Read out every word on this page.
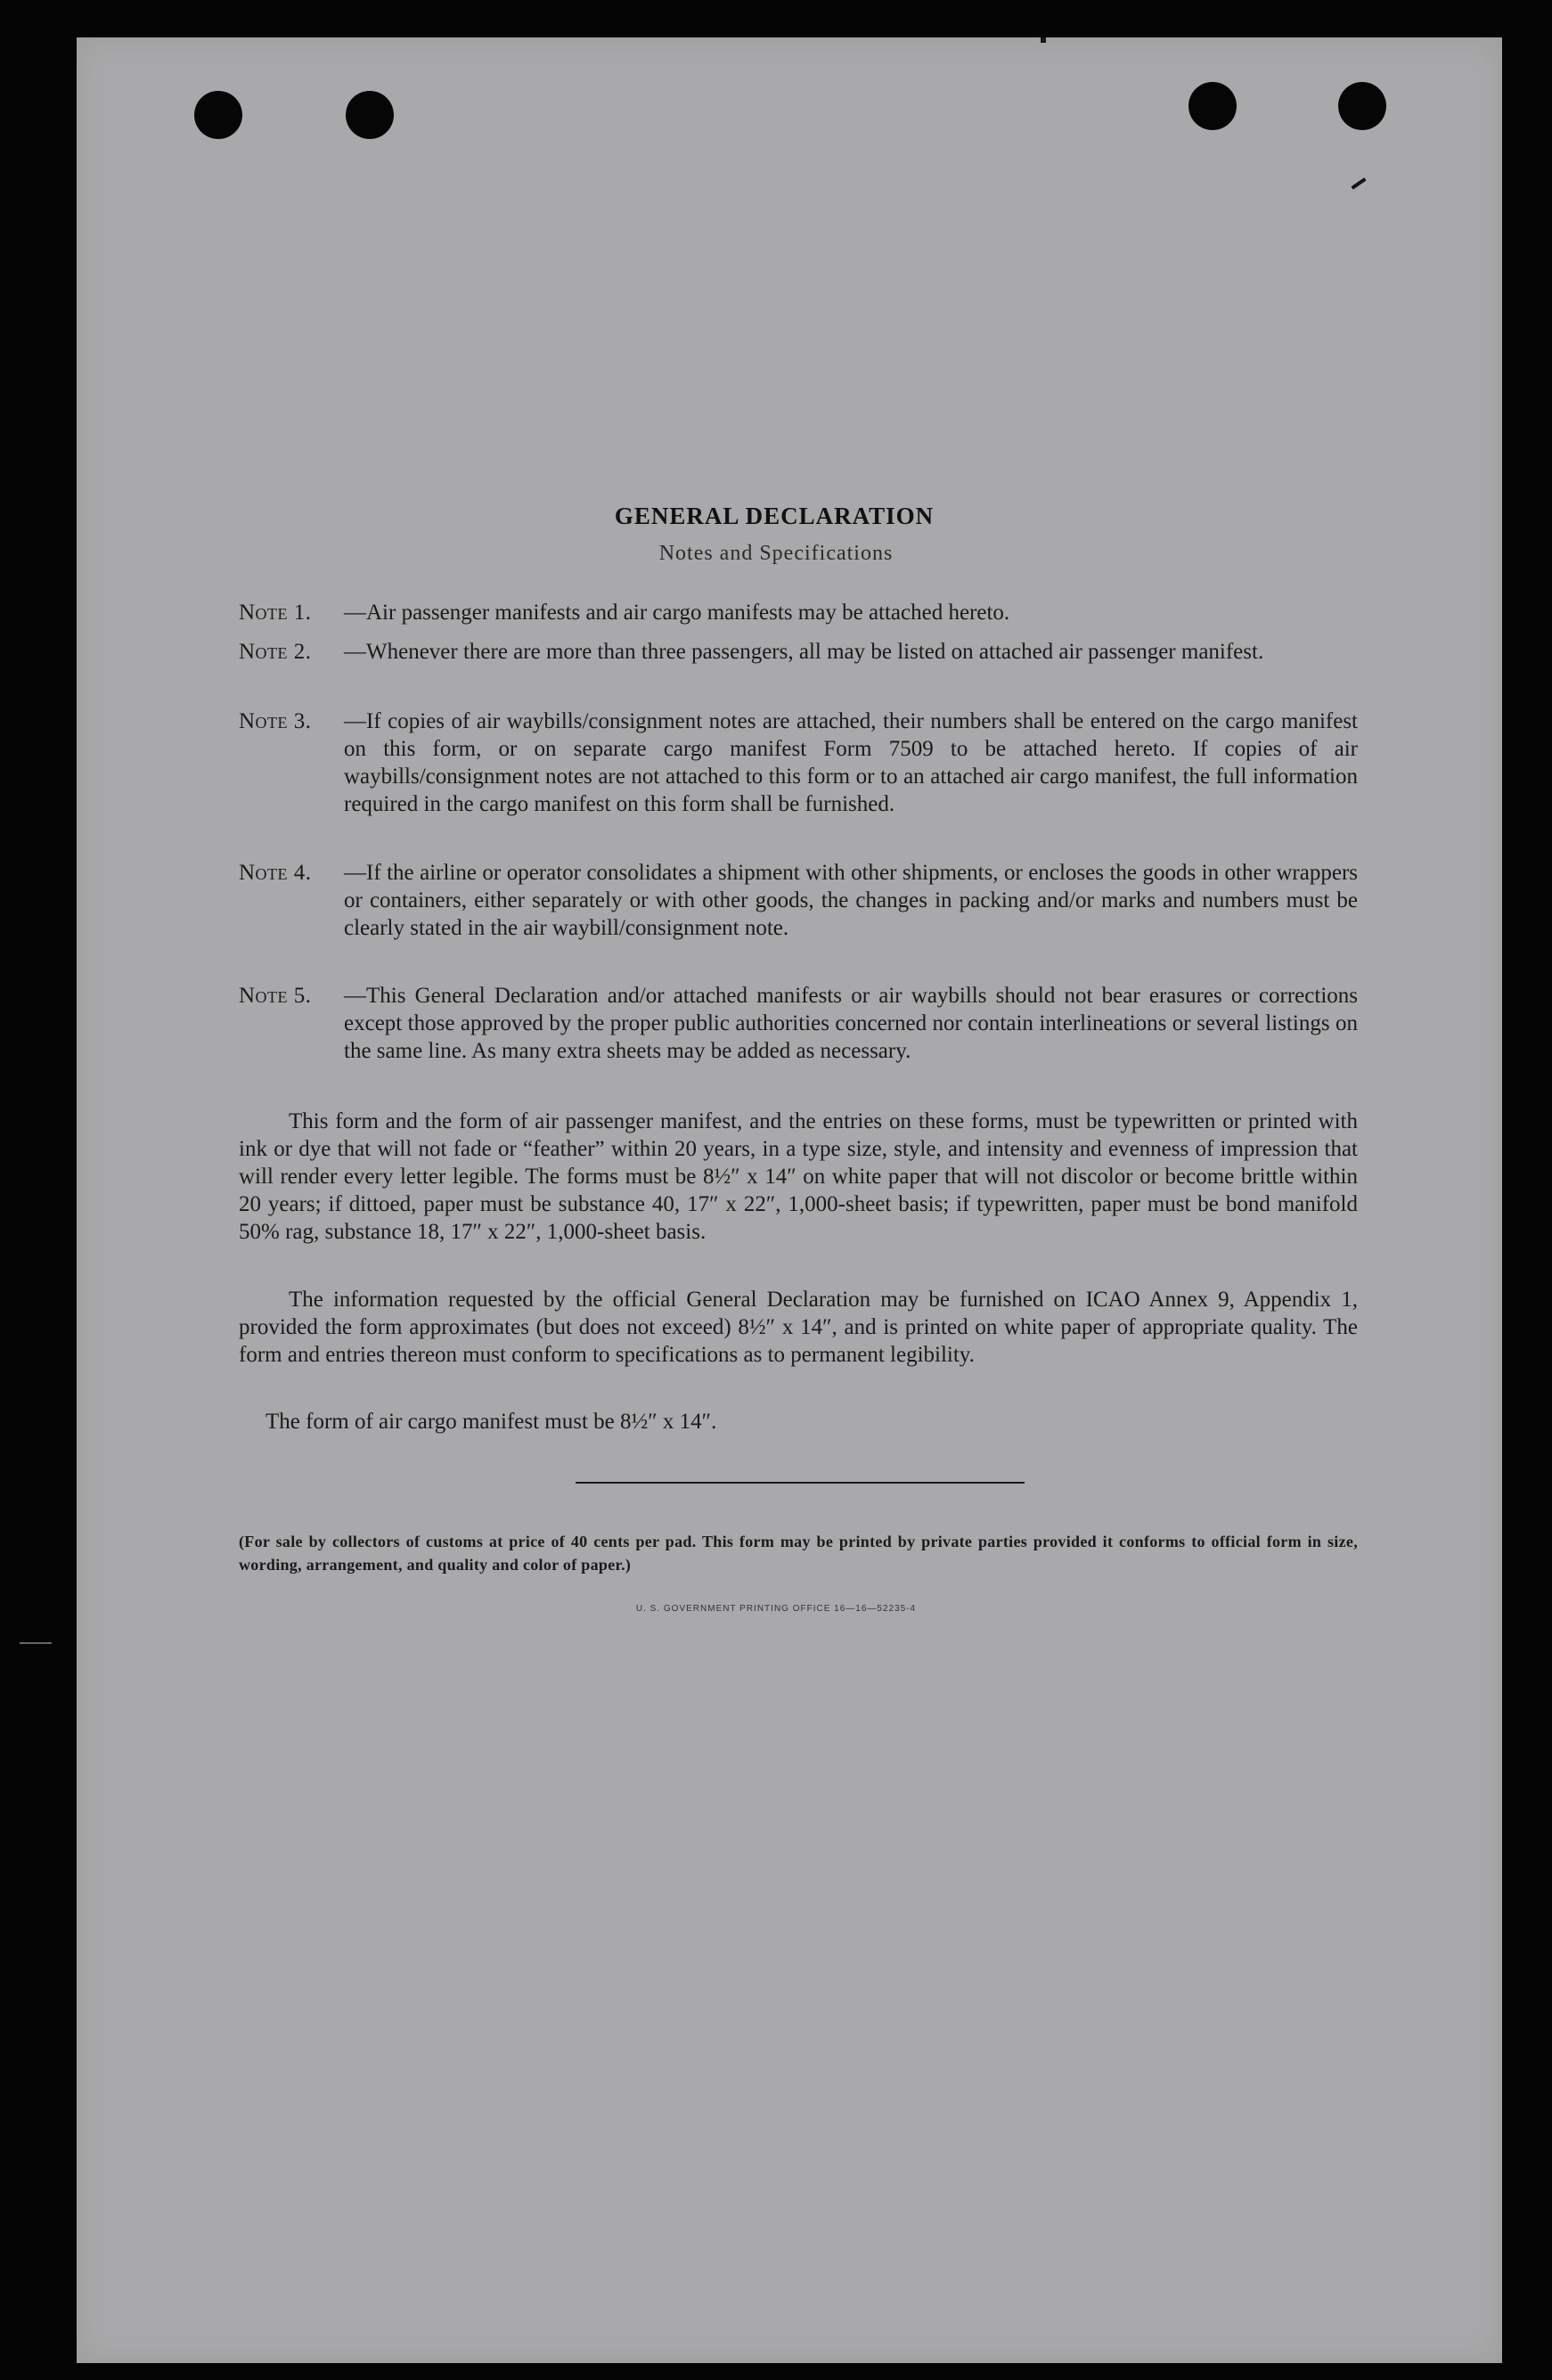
GENERAL DECLARATION
Notes and Specifications
Note 1.	—Air passenger manifests and air cargo manifests may be attached hereto.
Note 2.	—Whenever there are more than three passengers, all may be listed on attached air passenger manifest.
Note 3.	—If copies of air waybills/consignment notes are attached, their numbers shall be entered on the cargo manifest on this form, or on separate cargo manifest Form 7509 to be attached hereto. If copies of air waybills/consignment notes are not attached to this form or to an attached air cargo manifest, the full information required in the cargo manifest on this form shall be furnished.
Note 4.	—If the airline or operator consolidates a shipment with other shipments, or encloses the goods in other wrappers or containers, either separately or with other goods, the changes in packing and/or marks and numbers must be clearly stated in the air waybill/consignment note.
Note 5.	—This General Declaration and/or attached manifests or air waybills should not bear erasures or corrections except those approved by the proper public authorities concerned nor contain interlineations or several listings on the same line. As many extra sheets may be added as necessary.
This form and the form of air passenger manifest, and the entries on these forms, must be typewritten or printed with ink or dye that will not fade or “feather” within 20 years, in a type size, style, and intensity and evenness of impression that will render every letter legible. The forms must be 8½″ x 14″ on white paper that will not discolor or become brittle within 20 years; if dittoed, paper must be substance 40, 17″ x 22″, 1,000-sheet basis; if typewritten, paper must be bond manifold 50% rag, substance 18, 17″ x 22″, 1,000-sheet basis.
The information requested by the official General Declaration may be furnished on ICAO Annex 9, Appendix 1, provided the form approximates (but does not exceed) 8½″ x 14″, and is printed on white paper of appropriate quality. The form and entries thereon must conform to specifications as to permanent legibility.
The form of air cargo manifest must be 8½″ x 14″.
(For sale by collectors of customs at price of 40 cents per pad. This form may be printed by private parties provided it conforms to official form in size, wording, arrangement, and quality and color of paper.)
U. S. GOVERNMENT PRINTING OFFICE 16—16—52235-4
